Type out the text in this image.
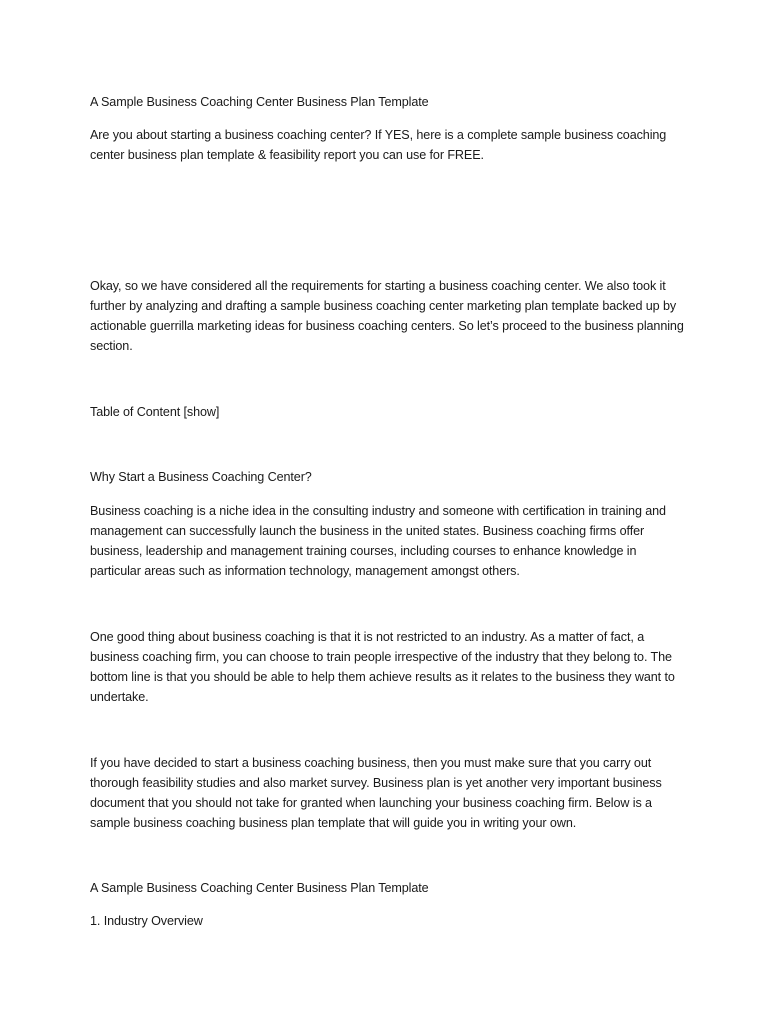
A Sample Business Coaching Center Business Plan Template

Are you about starting a business coaching center? If YES, here is a complete sample business coaching center business plan template & feasibility report you can use for FREE.

Okay, so we have considered all the requirements for starting a business coaching center. We also took it further by analyzing and drafting a sample business coaching center marketing plan template backed up by actionable guerrilla marketing ideas for business coaching centers. So let’s proceed to the business planning section.

Table of Content [show]

Why Start a Business Coaching Center?

Business coaching is a niche idea in the consulting industry and someone with certification in training and management can successfully launch the business in the united states. Business coaching firms offer business, leadership and management training courses, including courses to enhance knowledge in particular areas such as information technology, management amongst others.

One good thing about business coaching is that it is not restricted to an industry. As a matter of fact, a business coaching firm, you can choose to train people irrespective of the industry that they belong to. The bottom line is that you should be able to help them achieve results as it relates to the business they want to undertake.

If you have decided to start a business coaching business, then you must make sure that you carry out thorough feasibility studies and also market survey. Business plan is yet another very important business document that you should not take for granted when launching your business coaching firm. Below is a sample business coaching business plan template that will guide you in writing your own.

A Sample Business Coaching Center Business Plan Template

1. Industry Overview
